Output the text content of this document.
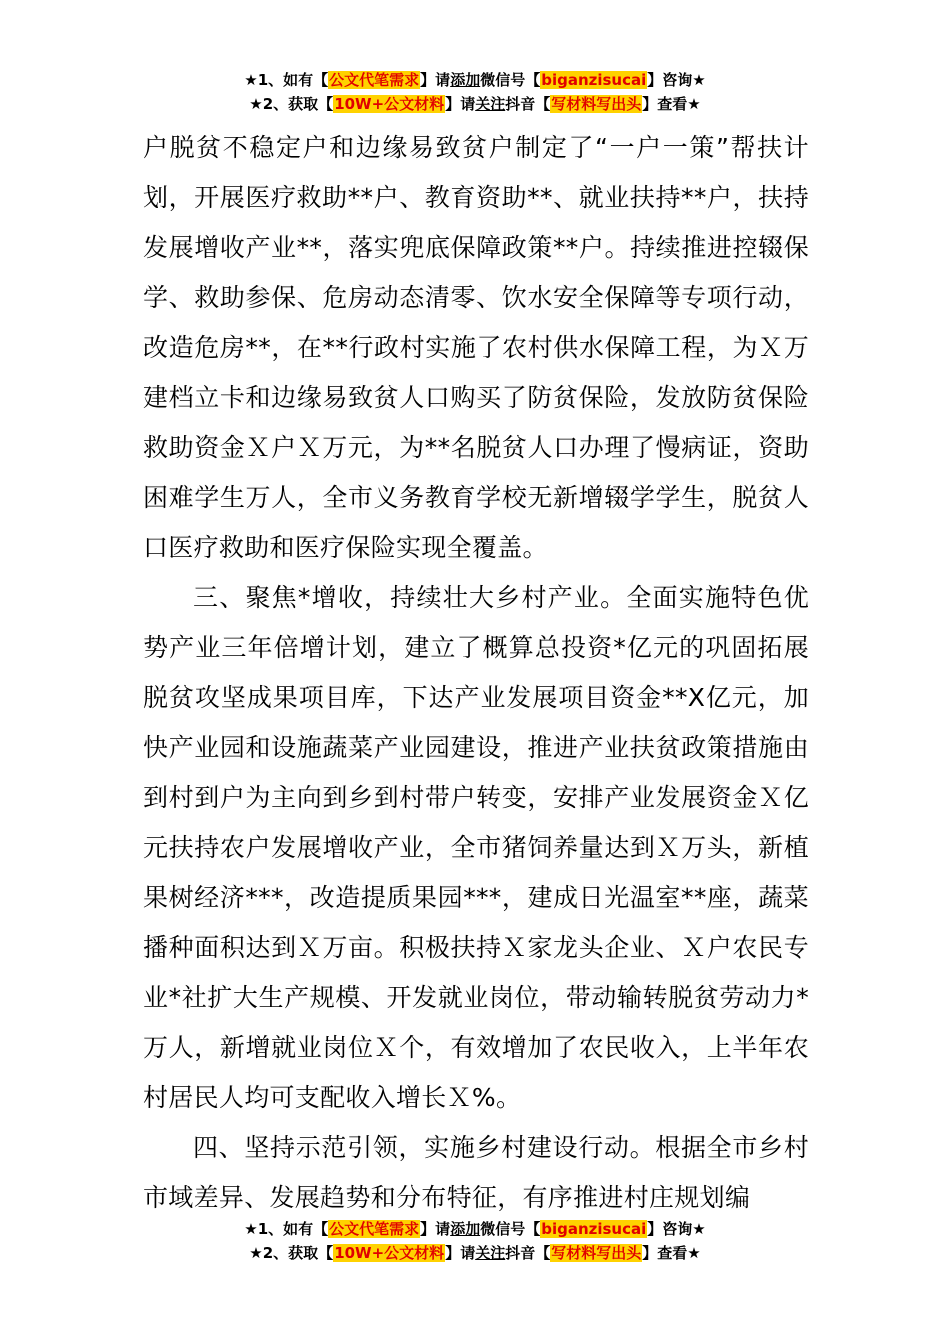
★1、如有【公文代笔需求】请添加微信号【biganzisucai】咨询★
★2、获取【10W+公文材料】请关注抖音【写材料写出头】查看★

户脱贫不稳定户和边缘易致贫户制定了“一户一策”帮扶计划，开展医疗救助**户、教育资助**、就业扶持**户，扶持发展增收产业**，落实兜底保障政策**户。持续推进控辍保学、救助参保、危房动态清零、饮水安全保障等专项行动，改造危房**，在**行政村实施了农村供水保障工程，为Ｘ万建档立卡和边缘易致贫人口购买了防贫保险，发放防贫保险救助资金Ｘ户Ｘ万元，为**名脱贫人口办理了慢病证，资助困难学生万人，全市义务教育学校无新增辍学学生，脱贫人口医疗救助和医疗保险实现全覆盖。

三、聚焦*增收，持续壮大乡村产业。全面实施特色优势产业三年倍增计划，建立了概算总投资*亿元的巩固拓展脱贫攻坚成果项目库，下达产业发展项目资金**X亿元，加快产业园和设施蔬菜产业园建设，推进产业扶贫政策措施由到村到户为主向到乡到村带户转变，安排产业发展资金Ｘ亿元扶持农户发展增收产业，全市猪饲养量达到Ｘ万头，新植果树经济***，改造提质果园***，建成日光温室**座，蔬菜播种面积达到Ｘ万亩。积极扶持Ｘ家龙头企业、Ｘ户农民专业*社扩大生产规模、开发就业岗位，带动输转脱贫劳动力*万人，新增就业岗位Ｘ个，有效增加了农民收入，上半年农村居民人均可支配收入增长Ｘ%。

四、坚持示范引领，实施乡村建设行动。根据全市乡村市域差异、发展趋势和分布特征，有序推进村庄规划编

★1、如有【公文代笔需求】请添加微信号【biganzisucai】咨询★
★2、获取【10W+公文材料】请关注抖音【写材料写出头】查看★
